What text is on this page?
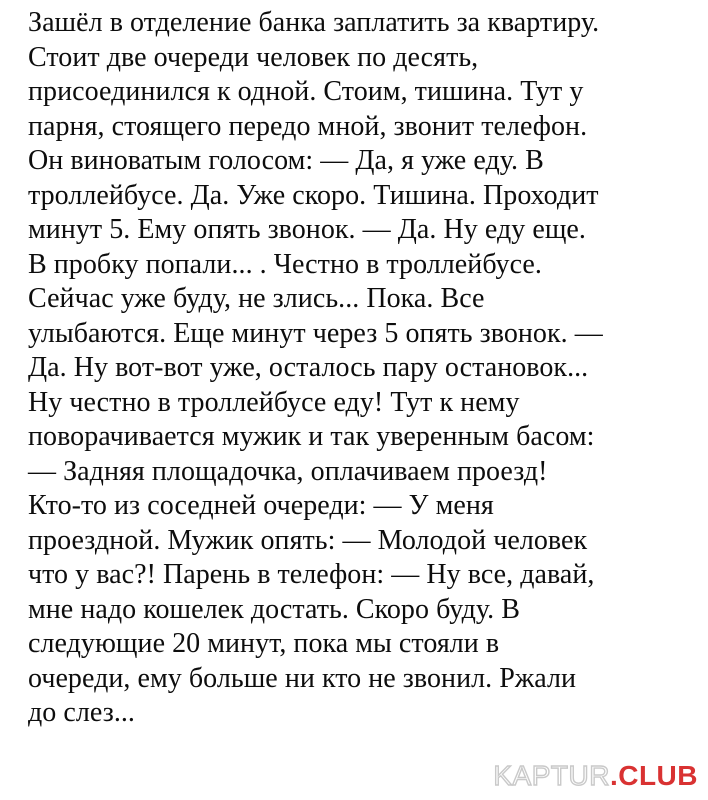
Зашёл в отделение банка заплатить за квартиру.
Стоит две очереди человек по десять,
присоединился к одной. Стоим, тишина. Тут у
парня, стоящего передо мной, звонит телефон.
Он виноватым голосом: — Да, я уже еду. В
троллейбусе. Да. Уже скоро. Тишина. Проходит
минут 5. Ему опять звонок. — Да. Ну еду еще.
В пробку попали... . Честно в троллейбусе.
Сейчас уже буду, не злись... Пока. Все
улыбаются. Еще минут через 5 опять звонок. —
Да. Ну вот-вот уже, осталось пару остановок...
Ну честно в троллейбусе еду! Тут к нему
поворачивается мужик и так уверенным басом:
— Задняя площадочка, оплачиваем проезд!
Кто-то из соседней очереди: — У меня
проездной. Мужик опять: — Молодой человек
что у вас?! Парень в телефон: — Ну все, давай,
мне надо кошелек достать. Скоро буду. В
следующие 20 минут, пока мы стояли в
очереди, ему больше ни кто не звонил. Ржали
до слез...
KAPTUR . CLUB
